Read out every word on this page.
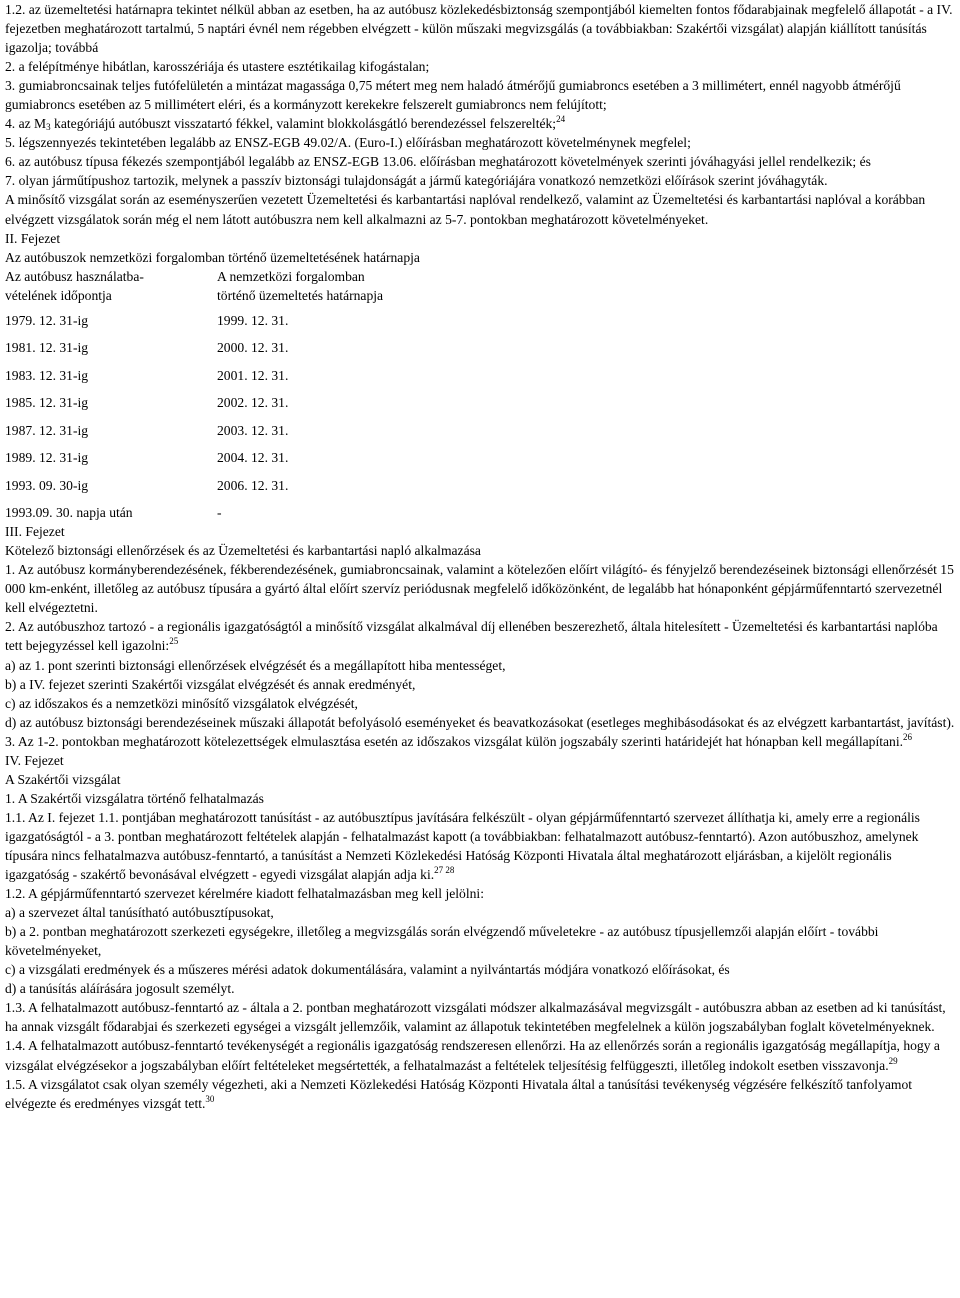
1.2. az üzemeltetési határnapra tekintet nélkül abban az esetben, ha az autóbusz közlekedésbiztonság szempontjából kiemelten fontos fődarabjainak megfelelő állapotát - a IV. fejezetben meghatározott tartalmú, 5 naptári évnél nem régebben elvégzett - külön műszaki megvizsgálás (a továbbiakban: Szakértői vizsgálat) alapján kiállított tanúsítás igazolja; továbbá

2. a felépítménye hibátlan, karosszériája és utastere esztétikailag kifogástalan;

3. gumiabroncsainak teljes futófelületén a mintázat magassága 0,75 métert meg nem haladó átmérőjű gumiabroncs esetében a 3 millimétert, ennél nagyobb átmérőjű gumiabroncs esetében az 5 millimétert eléri, és a kormányzott kerekekre felszerelt gumiabroncs nem felújított;

4. az $M_3$ kategóriájú autóbuszt visszatartó fékkel, valamint blokkolásgátló berendezéssel felszerelték;$^{24}$

5. légszennyezés tekintetében legalább az ENSZ-EGB 49.02/A. (Euro-I.) előírásban meghatározott követelménynek megfelel;

6. az autóbusz típusa fékezés szempontjából legalább az ENSZ-EGB 13.06. előírásban meghatározott követelmények szerinti jóváhagyási jellel rendelkezik; és

7. olyan járműtípushoz tartozik, melynek a passzív biztonsági tulajdonságát a jármű kategóriájára vonatkozó nemzetközi előírások szerint jóváhagyták.

A minősítő vizsgálat során az eseményszerűen vezetett Üzemeltetési és karbantartási naplóval rendelkező, valamint az Üzemeltetési és karbantartási naplóval a korábban elvégzett vizsgálatok során még el nem látott autóbuszra nem kell alkalmazni az 5-7. pontokban meghatározott követelményeket.

II. Fejezet

Az autóbuszok nemzetközi forgalomban történő üzemeltetésének határnapja

Az autóbusz használatba-
vételének időpontja	A nemzetközi forgalomban
történő üzemeltetés határnapja
1979. 12. 31-ig	1999. 12. 31.
1981. 12. 31-ig	2000. 12. 31.
1983. 12. 31-ig	2001. 12. 31.
1985. 12. 31-ig	2002. 12. 31.
1987. 12. 31-ig	2003. 12. 31.
1989. 12. 31-ig	2004. 12. 31.
1993. 09. 30-ig	2006. 12. 31.
1993.09. 30. napja után	-

III. Fejezet

Kötelező biztonsági ellenőrzések és az Üzemeltetési és karbantartási napló alkalmazása

1. Az autóbusz kormányberendezésének, fékberendezésének, gumiabroncsainak, valamint a kötelezően előírt világító- és fényjelző berendezéseinek biztonsági ellenőrzését 15 000 km-enként, illetőleg az autóbusz típusára a gyártó által előírt szervíz periódusnak megfelelő időközönként, de legalább hat hónaponként gépjárműfenntartó szervezetnél kell elvégeztetni.

2. Az autóbuszhoz tartozó - a regionális igazgatóságtól a minősítő vizsgálat alkalmával díj ellenében beszerezhető, általa hitelesített - Üzemeltetési és karbantartási naplóba tett bejegyzéssel kell igazolni:$^{25}$

a) az 1. pont szerinti biztonsági ellenőrzések elvégzését és a megállapított hiba mentességet,

b) a IV. fejezet szerinti Szakértői vizsgálat elvégzését és annak eredményét,

c) az időszakos és a nemzetközi minősítő vizsgálatok elvégzését,

d) az autóbusz biztonsági berendezéseinek műszaki állapotát befolyásoló eseményeket és beavatkozásokat (esetleges meghibásodásokat és az elvégzett karbantartást, javítást).

3. Az 1-2. pontokban meghatározott kötelezettségek elmulasztása esetén az időszakos vizsgálat külön jogszabály szerinti határidejét hat hónapban kell megállapítani.$^{26}$

IV. Fejezet

A Szakértői vizsgálat

1. A Szakértői vizsgálatra történő felhatalmazás

1.1. Az I. fejezet 1.1. pontjában meghatározott tanúsítást - az autóbusztípus javítására felkészült - olyan gépjárműfenntartó szervezet állíthatja ki, amely erre a regionális igazgatóságtól - a 3. pontban meghatározott feltételek alapján - felhatalmazást kapott (a továbbiakban: felhatalmazott autóbusz-fenntartó). Azon autóbuszhoz, amelynek típusára nincs felhatalmazva autóbusz-fenntartó, a tanúsítást a Nemzeti Közlekedési Hatóság Központi Hivatala által meghatározott eljárásban, a kijelölt regionális igazgatóság - szakértő bevonásával elvégzett - egyedi vizsgálat alapján adja ki.$^{27 28}$

1.2. A gépjárműfenntartó szervezet kérelmére kiadott felhatalmazásban meg kell jelölni:

a) a szervezet által tanúsítható autóbusztípusokat,

b) a 2. pontban meghatározott szerkezeti egységekre, illetőleg a megvizsgálás során elvégzendő műveletekre - az autóbusz típusjellemzői alapján előírt - további követelményeket,

c) a vizsgálati eredmények és a műszeres mérési adatok dokumentálására, valamint a nyilvántartás módjára vonatkozó előírásokat, és

d) a tanúsítás aláírására jogosult személyt.

1.3. A felhatalmazott autóbusz-fenntartó az - általa a 2. pontban meghatározott vizsgálati módszer alkalmazásával megvizsgált - autóbuszra abban az esetben ad ki tanúsítást, ha annak vizsgált fődarabjai és szerkezeti egységei a vizsgált jellemzőik, valamint az állapotuk tekintetében megfelelnek a külön jogszabályban foglalt követelményeknek.

1.4. A felhatalmazott autóbusz-fenntartó tevékenységét a regionális igazgatóság rendszeresen ellenőrzi. Ha az ellenőrzés során a regionális igazgatóság megállapítja, hogy a vizsgálat elvégzésekor a jogszabályban előírt feltételeket megsértették, a felhatalmazást a feltételek teljesítésig felfüggeszti, illetőleg indokolt esetben visszavonja.$^{29}$

1.5. A vizsgálatot csak olyan személy végezheti, aki a Nemzeti Közlekedési Hatóság Központi Hivatala által a tanúsítási tevékenység végzésére felkészítő tanfolyamot elvégezte és eredményes vizsgát tett.$^{30}$
